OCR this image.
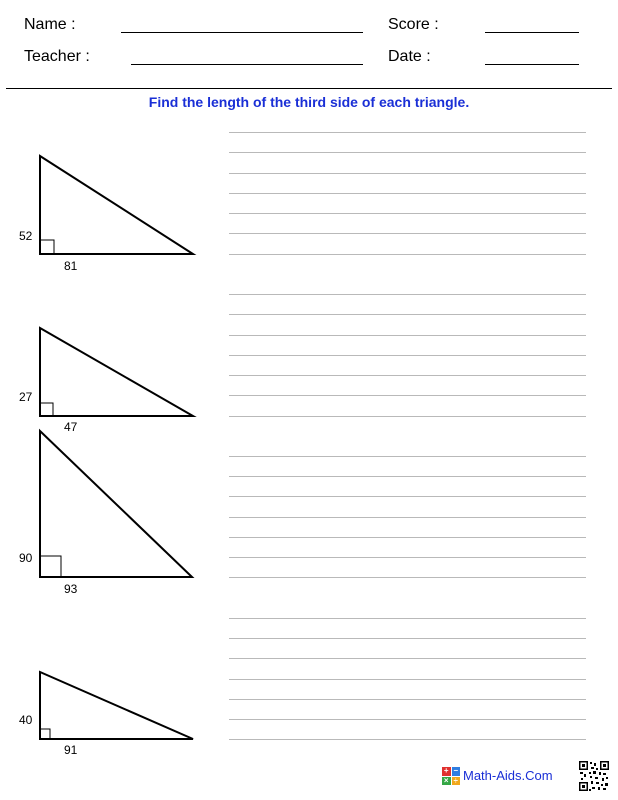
Name :	Score :
Teacher :	Date :
Find the length of the third side of each triangle.
52
81
27
47
90
93
40
91
+ −
× ÷ Math-Aids.Com
